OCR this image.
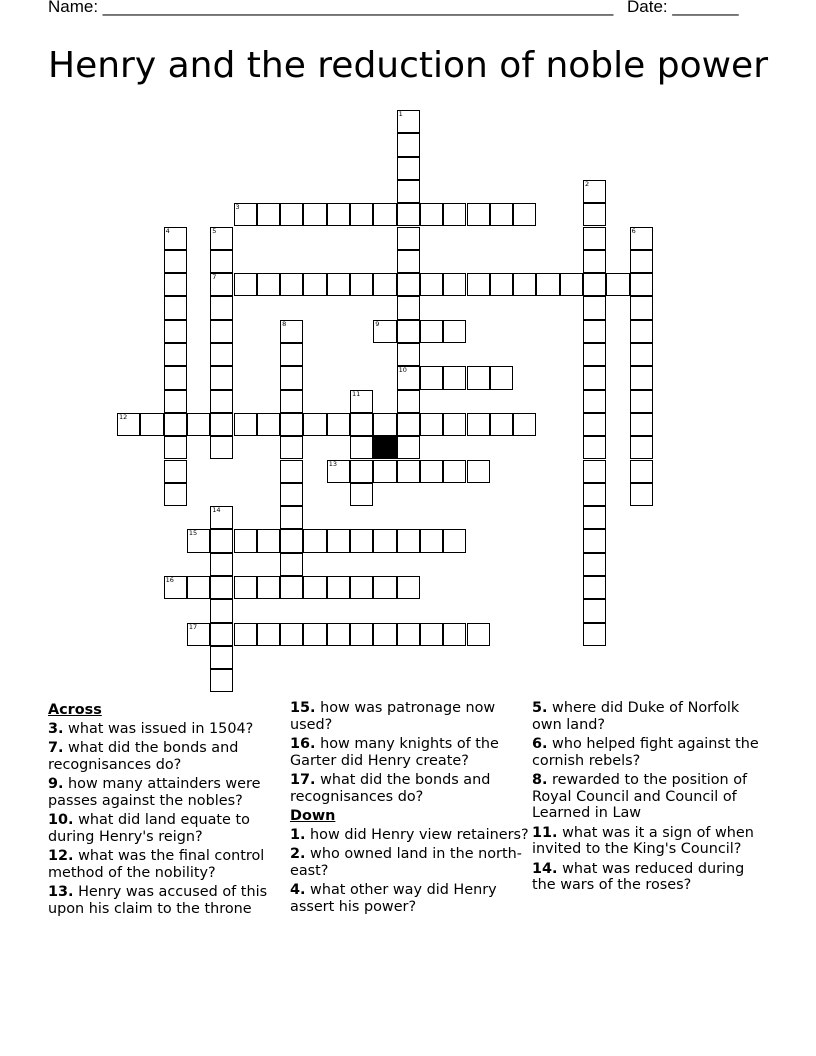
Name: ______________________________________________________ Date: _______
Henry and the reduction of noble power
1
10
2
3
4	5
7
6
8	9
11
12
13
14
15
16
17
Across
3. what was issued in 1504?
7. what did the bonds and recognisances do?
9. how many attainders were passes against the nobles?
10. what did land equate to during Henry's reign?
12. what was the final control method of the nobility?
13. Henry was accused of this upon his claim to the throne
15. how was patronage now used?
16. how many knights of the Garter did Henry create?
17. what did the bonds and recognisances do?
Down
1. how did Henry view retainers?
2. who owned land in the north-east?
4. what other way did Henry assert his power?
5. where did Duke of Norfolk own land?
6. who helped fight against the cornish rebels?
8. rewarded to the position of Royal Council and Council of Learned in Law
11. what was it a sign of when invited to the King's Council?
14. what was reduced during the wars of the roses?
